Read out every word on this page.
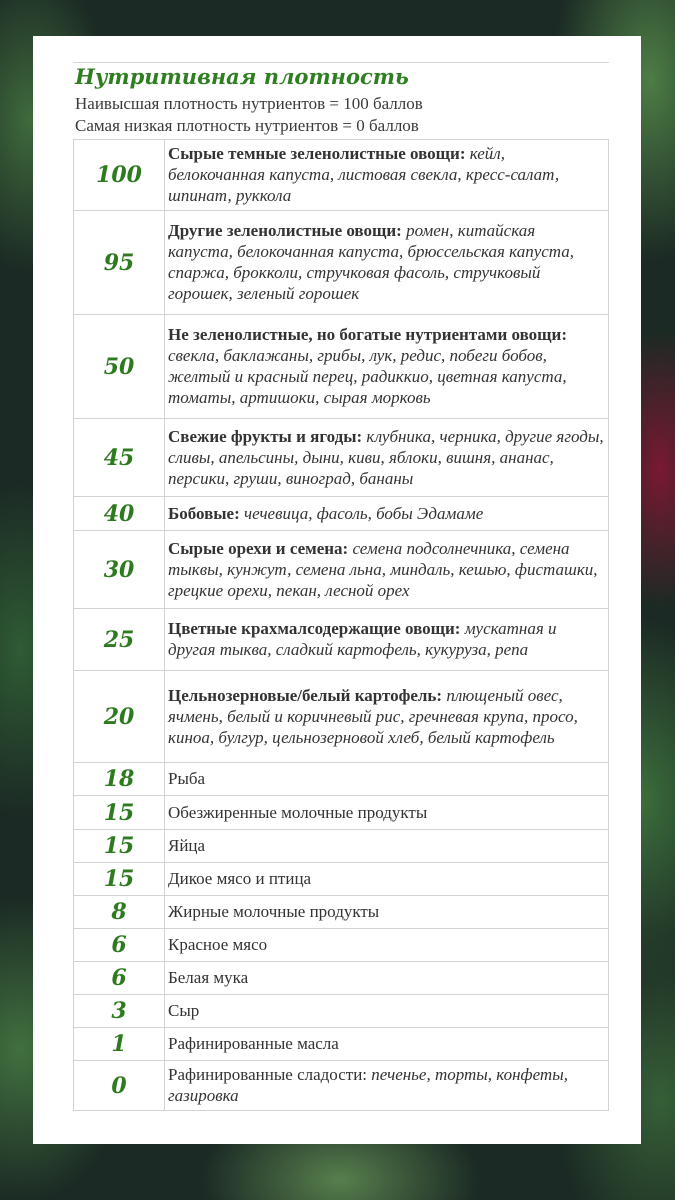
Нутритивная плотность
Наивысшая плотность нутриентов = 100 баллов
Самая низкая плотность нутриентов = 0 баллов
100	Сырые темные зеленолистные овощи: кейл, белокочанная капуста, листовая свекла, кресс-салат, шпинат, руккола
95	Другие зеленолистные овощи: ромен, китайская капуста, белокочанная капуста, брюссельская капуста, спаржа, брокколи, стручковая фасоль, стручковый горошек, зеленый горошек
50	Не зеленолистные, но богатые нутриентами овощи: свекла, баклажаны, грибы, лук, редис, побеги бобов, желтый и красный перец, радиккио, цветная капуста, томаты, артишоки, сырая морковь
45	Свежие фрукты и ягоды: клубника, черника, другие ягоды, сливы, апельсины, дыни, киви, яблоки, вишня, ананас, персики, груши, виноград, бананы
40	Бобовые: чечевица, фасоль, бобы Эдамаме
30	Сырые орехи и семена: семена подсолнечника, семена тыквы, кунжут, семена льна, миндаль, кешью, фисташки, грецкие орехи, пекан, лесной орех
25	Цветные крахмалсодержащие овощи: мускатная и другая тыква, сладкий картофель, кукуруза, репа
20	Цельнозерновые/белый картофель: плющеный овес, ячмень, белый и коричневый рис, гречневая крупа, просо, киноа, булгур, цельнозерновой хлеб, белый картофель
18	Рыба
15	Обезжиренные молочные продукты
15	Яйца
15	Дикое мясо и птица
8	Жирные молочные продукты
6	Красное мясо
6	Белая мука
3	Сыр
1	Рафинированные масла
0	Рафинированные сладости: печенье, торты, конфеты, газировка
